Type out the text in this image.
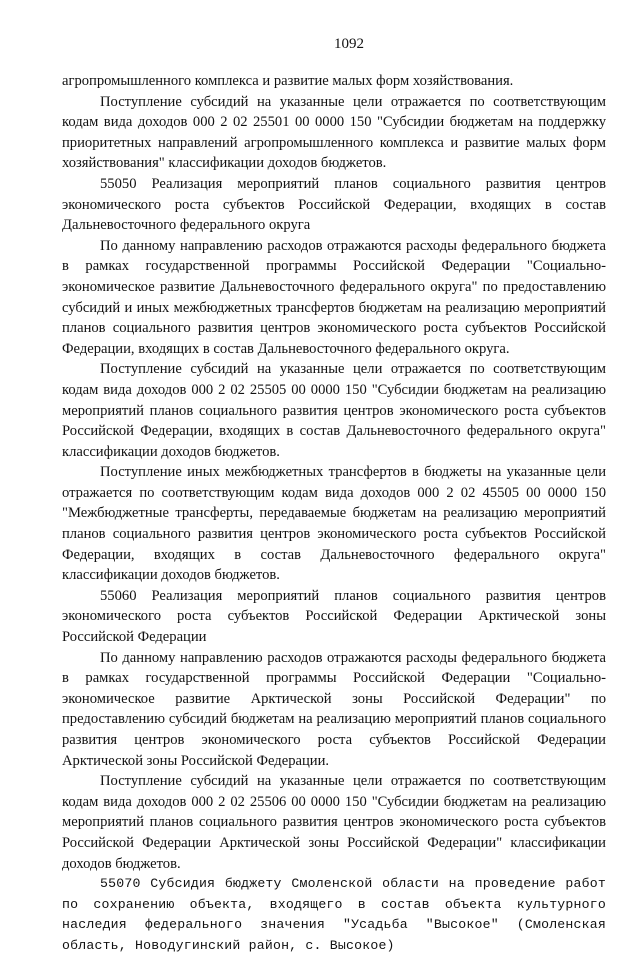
1092

агропромышленного комплекса и развитие малых форм хозяйствования.

Поступление субсидий на указанные цели отражается по соответствующим кодам вида доходов 000 2 02 25501 00 0000 150 "Субсидии бюджетам на поддержку приоритетных направлений агропромышленного комплекса и развитие малых форм хозяйствования" классификации доходов бюджетов.

55050 Реализация мероприятий планов социального развития центров экономического роста субъектов Российской Федерации, входящих в состав Дальневосточного федерального округа

По данному направлению расходов отражаются расходы федерального бюджета в рамках государственной программы Российской Федерации "Социально-экономическое развитие Дальневосточного федерального округа" по предоставлению субсидий и иных межбюджетных трансфертов бюджетам на реализацию мероприятий планов социального развития центров экономического роста субъектов Российской Федерации, входящих в состав Дальневосточного федерального округа.

Поступление субсидий на указанные цели отражается по соответствующим кодам вида доходов 000 2 02 25505 00 0000 150 "Субсидии бюджетам на реализацию мероприятий планов социального развития центров экономического роста субъектов Российской Федерации, входящих в состав Дальневосточного федерального округа" классификации доходов бюджетов.

Поступление иных межбюджетных трансфертов в бюджеты на указанные цели отражается по соответствующим кодам вида доходов 000 2 02 45505 00 0000 150 "Межбюджетные трансферты, передаваемые бюджетам на реализацию мероприятий планов социального развития центров экономического роста субъектов Российской Федерации, входящих в состав Дальневосточного федерального округа" классификации доходов бюджетов.

55060 Реализация мероприятий планов социального развития центров экономического роста субъектов Российской Федерации Арктической зоны Российской Федерации

По данному направлению расходов отражаются расходы федерального бюджета в рамках государственной программы Российской Федерации "Социально-экономическое развитие Арктической зоны Российской Федерации" по предоставлению субсидий бюджетам на реализацию мероприятий планов социального развития центров экономического роста субъектов Российской Федерации Арктической зоны Российской Федерации.

Поступление субсидий на указанные цели отражается по соответствующим кодам вида доходов 000 2 02 25506 00 0000 150 "Субсидии бюджетам на реализацию мероприятий планов социального развития центров экономического роста субъектов Российской Федерации Арктической зоны Российской Федерации" классификации доходов бюджетов.

55070 Субсидия бюджету Смоленской области на проведение работ по сохранению объекта, входящего в состав объекта культурного наследия федерального значения "Усадьба "Высокое" (Смоленская область, Новодугинский район, с. Высокое)
